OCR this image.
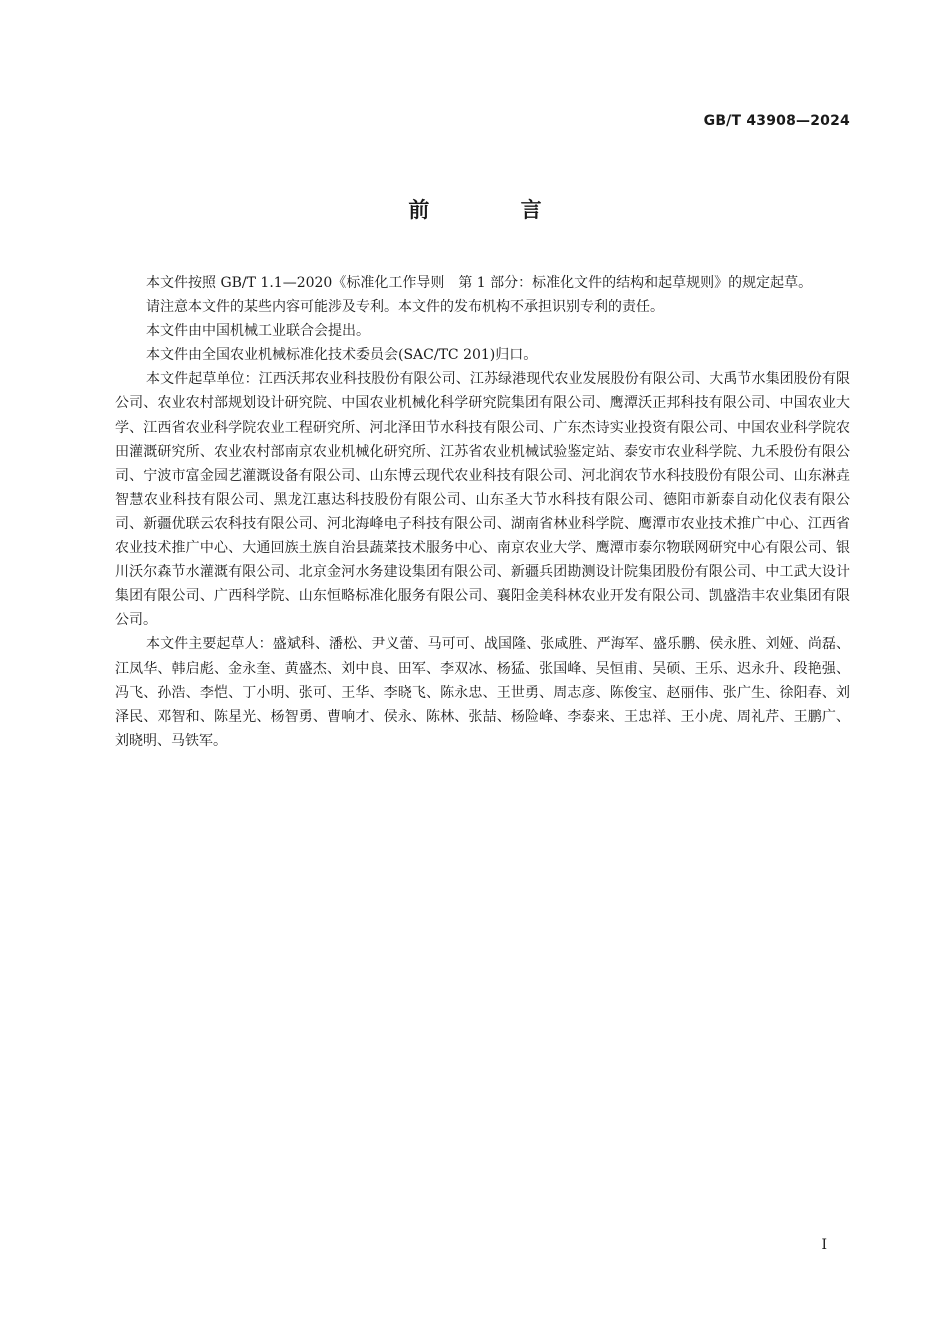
GB/T 43908—2024
前 言

本文件按照 GB/T 1.1—2020《标准化工作导则　第 1 部分：标准化文件的结构和起草规则》的规定起草。

请注意本文件的某些内容可能涉及专利。本文件的发布机构不承担识别专利的责任。

本文件由中国机械工业联合会提出。

本文件由全国农业机械标准化技术委员会(SAC/TC 201)归口。

本文件起草单位：江西沃邦农业科技股份有限公司、江苏绿港现代农业发展股份有限公司、大禹节水集团股份有限公司、农业农村部规划设计研究院、中国农业机械化科学研究院集团有限公司、鹰潭沃正邦科技有限公司、中国农业大学、江西省农业科学院农业工程研究所、河北泽田节水科技有限公司、广东杰诗实业投资有限公司、中国农业科学院农田灌溉研究所、农业农村部南京农业机械化研究所、江苏省农业机械试验鉴定站、泰安市农业科学院、九禾股份有限公司、宁波市富金园艺灌溉设备有限公司、山东博云现代农业科技有限公司、河北润农节水科技股份有限公司、山东淋垚智慧农业科技有限公司、黑龙江惠达科技股份有限公司、山东圣大节水科技有限公司、德阳市新泰自动化仪表有限公司、新疆优联云农科技有限公司、河北海峰电子科技有限公司、湖南省林业科学院、鹰潭市农业技术推广中心、江西省农业技术推广中心、大通回族土族自治县蔬菜技术服务中心、南京农业大学、鹰潭市泰尔物联网研究中心有限公司、银川沃尔森节水灌溉有限公司、北京金河水务建设集团有限公司、新疆兵团勘测设计院集团股份有限公司、中工武大设计集团有限公司、广西科学院、山东恒略标准化服务有限公司、襄阳金美科林农业开发有限公司、凯盛浩丰农业集团有限公司。

本文件主要起草人：盛斌科、潘松、尹义蕾、马可可、战国隆、张咸胜、严海军、盛乐鹏、侯永胜、刘娅、尚磊、江凤华、韩启彪、金永奎、黄盛杰、刘中良、田军、李双冰、杨猛、张国峰、吴恒甫、吴硕、王乐、迟永升、段艳强、冯飞、孙浩、李恺、丁小明、张可、王华、李晓飞、陈永忠、王世勇、周志彦、陈俊宝、赵丽伟、张广生、徐阳春、刘泽民、邓智和、陈星光、杨智勇、曹响才、侯永、陈林、张喆、杨险峰、李泰来、王忠祥、王小虎、周礼芹、王鹏广、刘晓明、马铁军。

I
